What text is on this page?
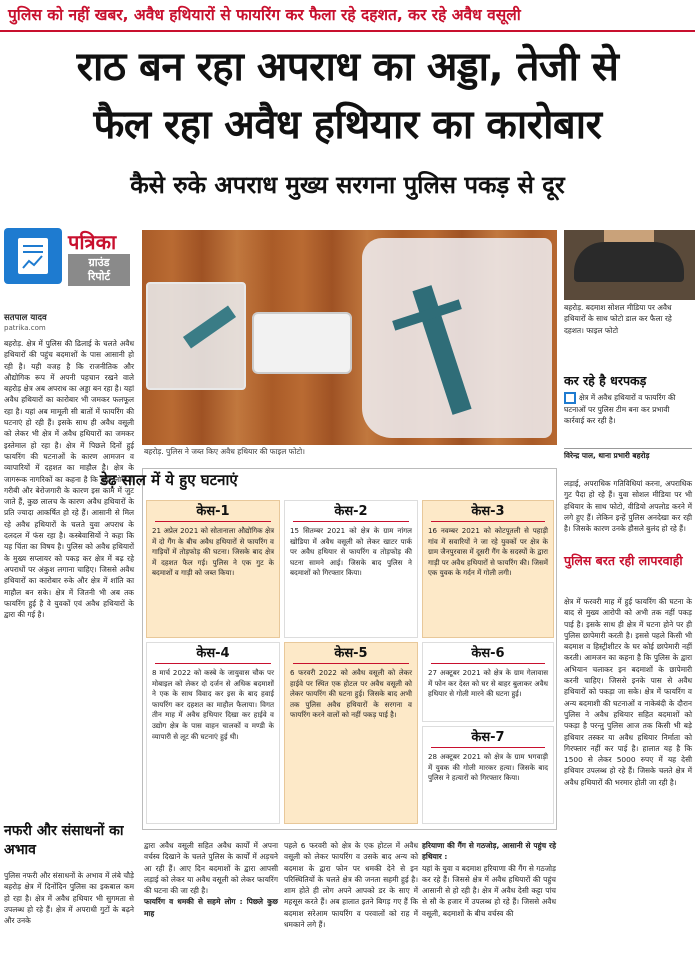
पुलिस को नहीं खबर, अवैध हथियारों से फायरिंग कर फैला रहे दहशत, कर रहे अवैध वसूली
राठ बन रहा अपराध का अड्डा, तेजी से
फैल रहा अवैध हथियार का कारोबार
कैसे रुके अपराध मुख्य सरगना पुलिस पकड़ से दूर
पत्रिका
ग्राउंड
रिपोर्ट
सतपाल यादव
patrika.com
बहरोड़. क्षेत्र में पुलिस की ढिलाई के चलते अवैध हथियारों की पहुंच बदमाशों के पास आसानी हो रही है। यही वजह है कि राजनीतिक और औद्योगिक रूप में अपनी पहचान रखने वाले बहरोड़ क्षेत्र अब अपराध का अड्डा बन रहा है। यहां अवैध हथियारों का कारोबार भी जमकर फलफूल रहा है। यहां अब मामूली सी बातों में फायरिंग की घटनाएं हो रही हैं। इसके साथ ही अवैध वसूली को लेकर भी क्षेत्र में अवैध हथियारों का जमकर इस्तेमाल हो रहा है। क्षेत्र में पिछले दिनों हुई फायरिंग की घटनाओं के कारण आमजन व व्यापारियों में दहशत का माहौल है। क्षेत्र के जागरूक नागरिकों का कहना है कि कुछ लोग तो गरीबी और बेरोजगारी के कारण इस काम में जुट जाते हैं, कुछ लालच के कारण अवैध हथियारों के प्रति ज्यादा आकर्षित हो रहे हैं। आसानी से मिल रहे अवैध हथियारों के चलते युवा अपराध के दलदल में फंस रहा है। कस्बेवासियों ने कहा कि यह चिंता का विषय है। पुलिस को अवैध हथियारों के मुख्य सप्लायर को पकड़ कर क्षेत्र में बढ़ रहे अपराधों पर अंकुश लगाना चाहिए। जिससे अवैध हथियारों का कारोबार रुके और क्षेत्र में शांति का माहौल बन सके। क्षेत्र में जितनी भी अब तक फायरिंग हुई है वे युवकों एवं अवैध हथियारों के द्वारा की गई है।
नफरी और संसाधनों का अभाव
पुलिस नफरी और संसाधनों के अभाव में लंबे चौड़े बहरोड़ क्षेत्र में दिनोंदिन पुलिस का इकबाल कम हो रहा है। क्षेत्र में अवैध हथियार भी सुगमता से उपलब्ध हो रहे हैं। क्षेत्र में अपराधी गुटों के बढ़ने और उनके
बहरोड़. पुलिस ने जब्त किए अवैध हथियार की फाइल फोटो।
बहरोड़. बदमाश सोशल मीडिया पर अवैध हथियारों के साथ फोटो डाल कर फैला रहे दहशत। फाइल फोटो
कर रहे है धरपकड़
क्षेत्र में अवैध हथियारों व फायरिंग की घटनाओं पर पुलिस टीम बना कर प्रभावी कार्रवाई कर रही है।
विरेन्द्र पाल, थाना प्रभारी बहरोड़
लड़ाई, अपराधिक गतिविधियां करना, अपराधिक गुट पैदा हो रहे हैं। युवा सोशल मीडिया पर भी हथियार के साथ फोटो, वीडियो अपलोड करने में लगे हुए हैं। लेकिन इन्हें पुलिस अनदेखा कर रही है। जिसके कारण उनके हौसले बुलंद हो रहे हैं।
पुलिस बरत रही लापरवाही
क्षेत्र में फरवरी माह में हुई फायरिंग की घटना के बाद से मुख्य आरोपी को अभी तक नहीं पकड़ पाई है। इसके साथ ही क्षेत्र में घटना होने पर ही पुलिस छापेमारी करती है। इससे पहले किसी भी बदमाश व हिस्ट्रीशीटर के घर कोई छापेमारी नहीं करती। आमजन का कहना है कि पुलिस के द्वारा अभियान चलाकर इन बदमाशों के छापेमारी करनी चाहिए। जिससे इनके पास से अवैध हथियारों को पकड़ा जा सके। क्षेत्र में फायरिंग व अन्य बदमाशी की घटनाओं व नाकेबंदी के दौरान पुलिस ने अवैध हथियार सहित बदमाशों को पकड़ा है परन्तु पुलिस आज तक किसी भी बड़े हथियार तस्कर या अवैध हथियार निर्माता को गिरफ्तार नहीं कर पाई है। हालात यह है कि 1500 से लेकर 5000 रुपए में यह देसी हथियार उपलब्ध हो रहे हैं। जिसके चलते क्षेत्र में अवैध हथियारों की भरमार होती जा रही है।
डेढ़ साल में ये हुए घटनाएं
केस-1
21 अप्रेल 2021 को सोतानाला औद्योगिक क्षेत्र में दो गैंग के बीच अवैध हथियारों से फायरिंग व गाड़ियों में तोड़फोड़ की घटना। जिसके बाद क्षेत्र में दहशत फैल गई। पुलिस ने एक गुट के बदमाशों व गाड़ी को जब्त किया।
केस-2
15 सितम्बर 2021 को क्षेत्र के ग्राम नांगल खोडिया में अवैध वसूली को लेकर खाटर पार्क पर अवैध हथियार से फायरिंग व तोड़फोड़ की घटना सामने आई। जिसके बाद पुलिस ने बदमाशों को गिरफ्तार किया।
केस-3
16 नवम्बर 2021 को कोटपूतली से पहाड़ी गांव में सवारियों ने जा रहे युवकों पर क्षेत्र के ग्राम जैनपुरवास में दूसरी गैंग के सदस्यों के द्वारा गाड़ी पर अवैध हथियारों से फायरिंग की। जिसमें एक युवक के गर्दन में गोली लगी।
केस-4
8 मार्च 2022 को कस्बे के जायुवास चौक पर मोबाइल को लेकर दो दर्जन से अधिक बदमाशों ने एक के साथ विवाद कर इस के बाद हवाई फायरिंग कर दहशत का माहौल फैलाया। विगत तीन माह में अवैध हथियार दिखा कर हाईवे व उद्योग क्षेत्र के पास वाहन चालकों व मण्डी के व्यापारी से लूट की घटनाएं हुई थी।
केस-5
6 फरवरी 2022 को अवैध वसूली को लेकर हाईवे पर स्थित एक होटल पर अवैध वसूली को लेकर फायरिंग की घटना हुई। जिसके बाद अभी तक पुलिस अवैध हथियारों के सरगना व फायरिंग करने वालों को नहीं पकड़ पाई है।
केस-6
27 अक्टूबर 2021 को क्षेत्र के ग्राम गेलावास में फोन कर देस्त को घर से बाहर बुलाकर अवैध हथियार से गोली मारने की घटना हुई।
केस-7
28 अक्टूबर 2021 को क्षेत्र के ग्राम भगवाड़ी में युवक की गोली मारकर हत्या। जिसके बाद पुलिस ने हत्यारों को गिरफ्तार किया।
द्वारा अवैध वसूली सहित अवैध कार्यों में अपना वर्चस्व दिखाने के चलते पुलिस के कार्यों में अड़चने आ रही हैं। आए दिन बदमाशों के द्वारा आपसी लड़ाई को लेकर या अवैध वसूली को लेकर फायरिंग की घटना की जा रही है।
फायरिंग व धमकी से सहमे लोग : पिछले कुछ माह
पहले 6 फरवरी को क्षेत्र के एक होटल में अवैध वसूली को लेकर फायरिंग व उसके बाद अन्य को बदमाश के द्वारा फोन पर धमकी देने से इन परिस्थितियों के चलते क्षेत्र की जनता सहमी हुई है। शाम होते ही लोग अपने आपको डर के साए में महसूस करते हैं। अब हालात इतने बिगड़ गए हैं कि बदमाश सरेआम फायरिंग व परवालों को राह में धमकाने लगे हैं।
हरियाणा की गैंग से गठजोड़, आसानी से पहुंच रहे हथियार :
यहां के युवा व बदमाश हरियाणा की गैंग से गठजोड़ कर रहे हैं। जिससे क्षेत्र में अवैध हथियारों की पहुंच आसानी से हो रही है। क्षेत्र में अवैध देसी कट्टा पांच से सौ के हजार में उपलब्ध हो रहे हैं। जिससे अवैध वसूली, बदमाशों के बीच वर्चस्व की
